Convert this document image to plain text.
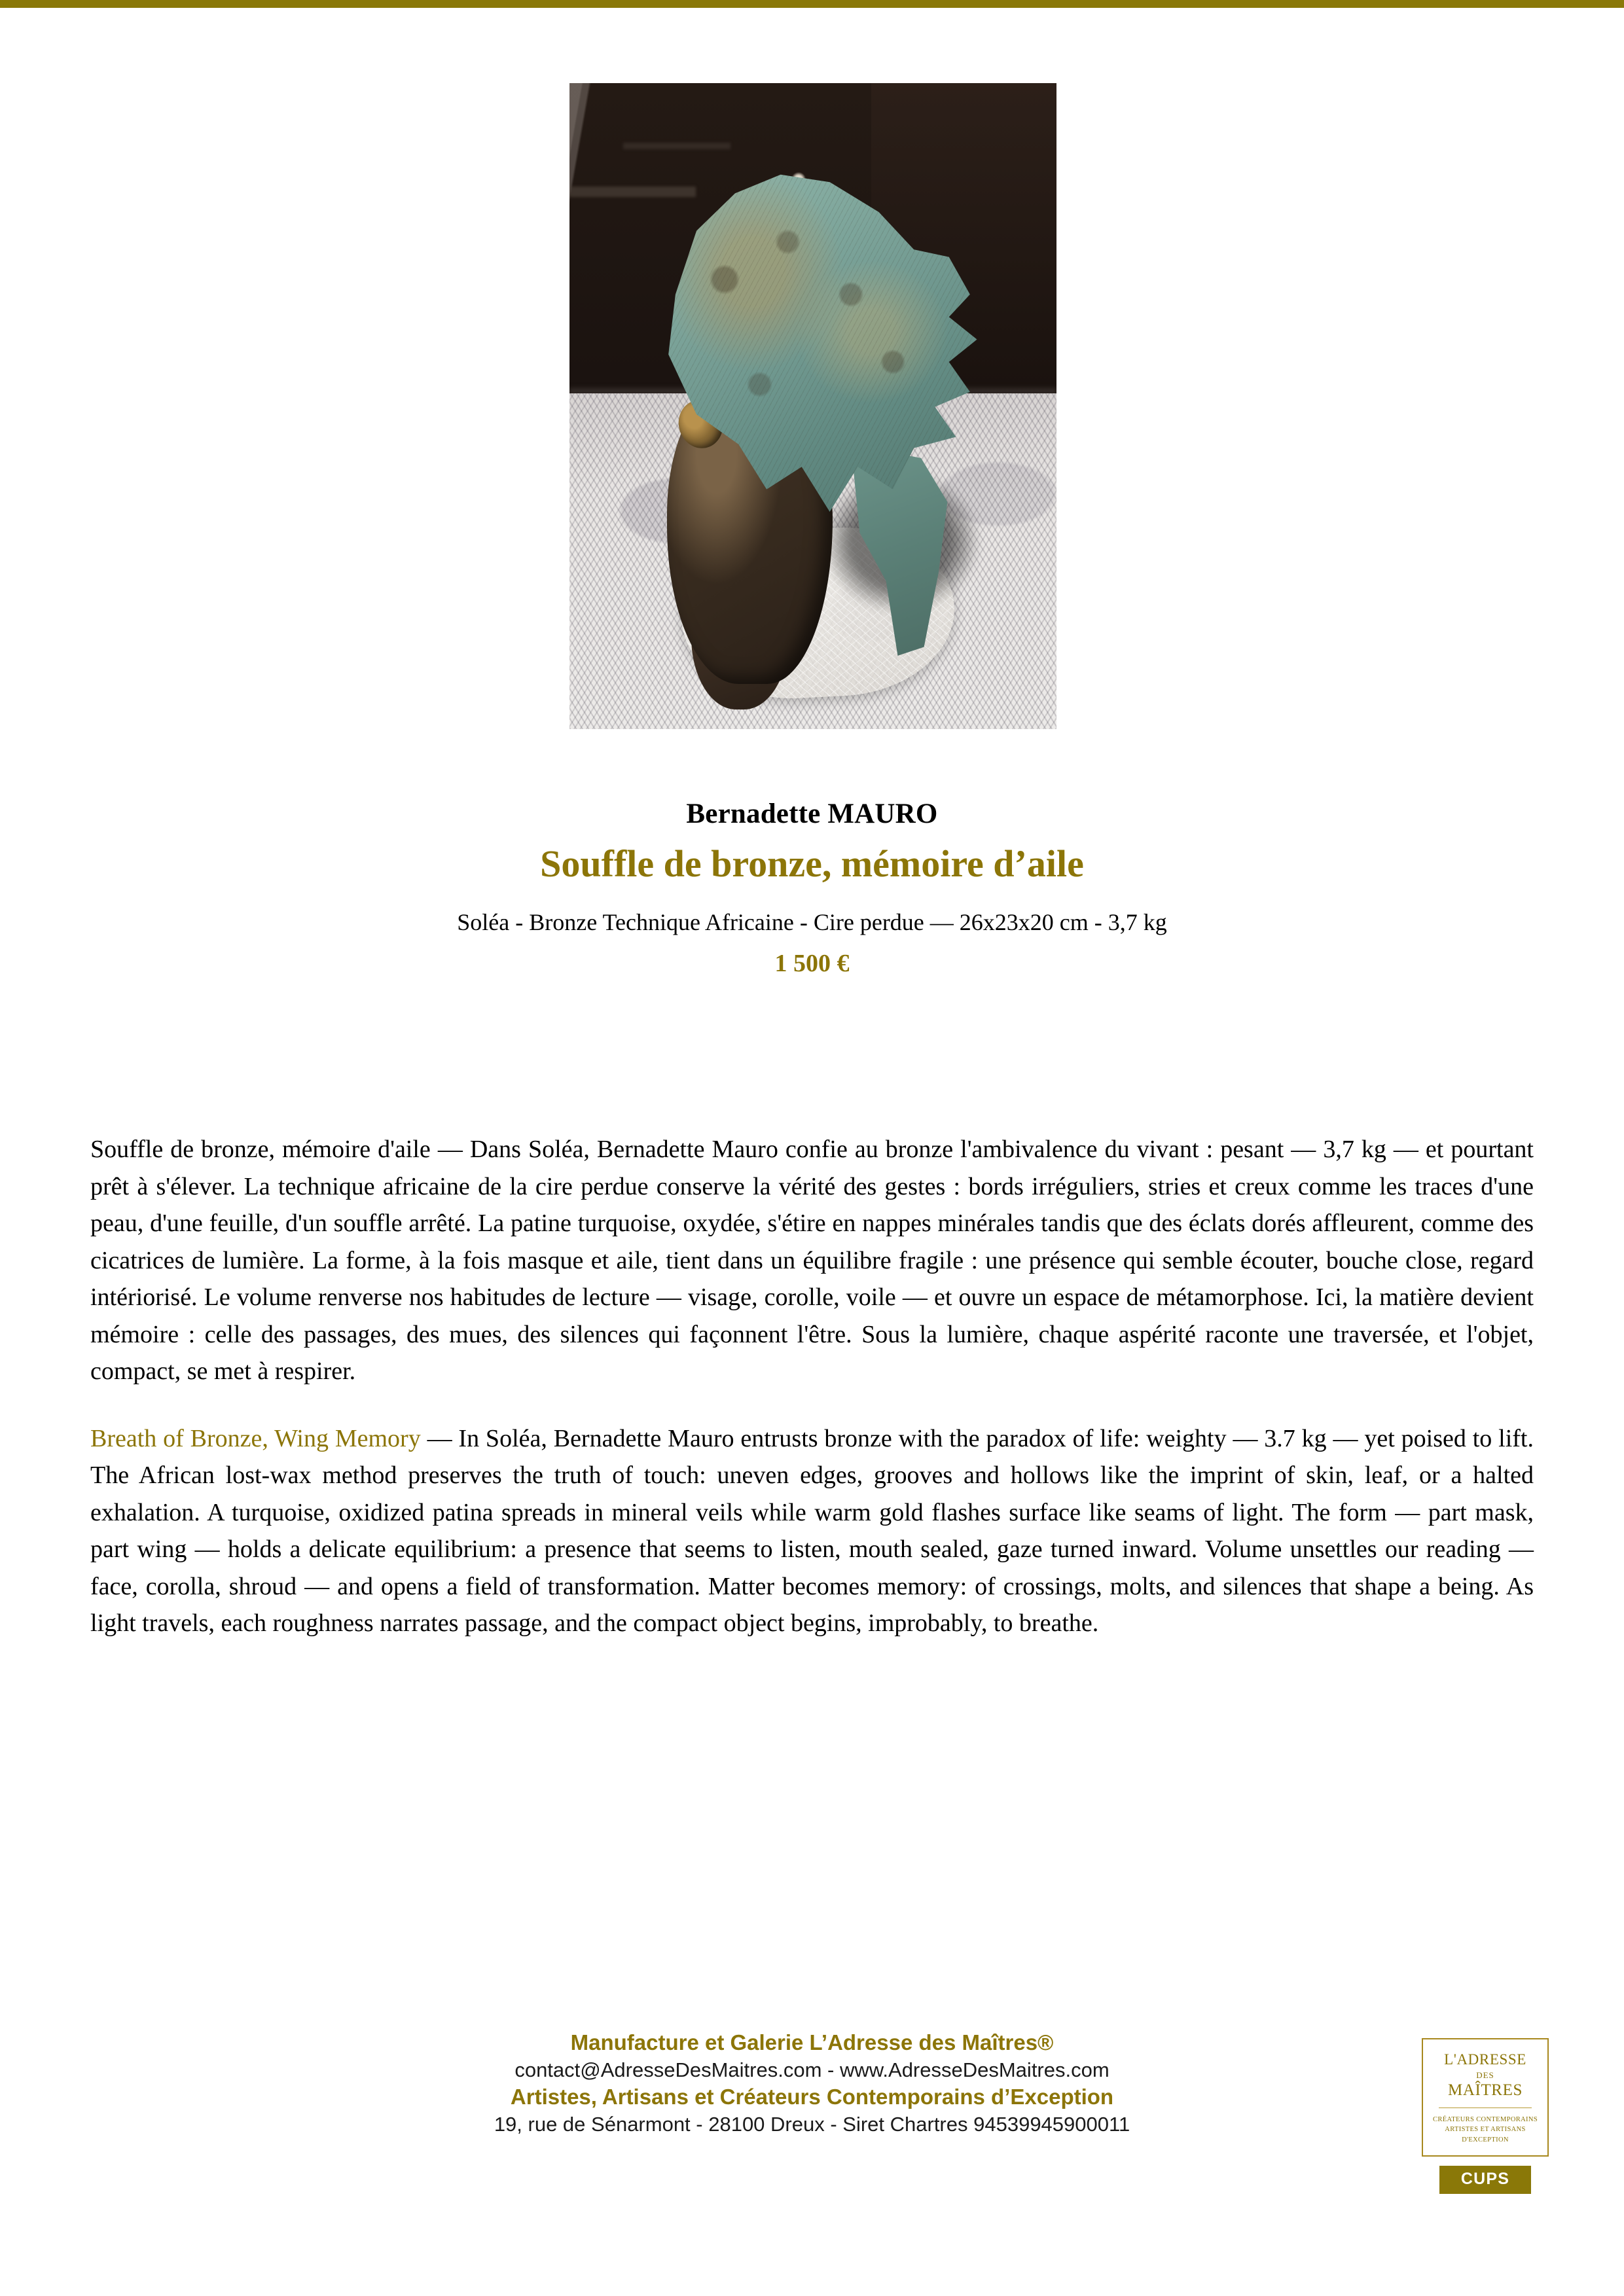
Bernadette MAURO
Souffle de bronze, mémoire d’aile
Soléa - Bronze Technique Africaine - Cire perdue — 26x23x20 cm - 3,7 kg
1 500 €

Souffle de bronze, mémoire d'aile — Dans Soléa, Bernadette Mauro confie au bronze l'ambivalence du vivant : pesant — 3,7 kg — et pourtant prêt à s'élever. La technique africaine de la cire perdue conserve la vérité des gestes : bords irréguliers, stries et creux comme les traces d'une peau, d'une feuille, d'un souffle arrêté. La patine turquoise, oxydée, s'étire en nappes minérales tandis que des éclats dorés affleurent, comme des cicatrices de lumière. La forme, à la fois masque et aile, tient dans un équilibre fragile : une présence qui semble écouter, bouche close, regard intériorisé. Le volume renverse nos habitudes de lecture — visage, corolle, voile — et ouvre un espace de métamorphose. Ici, la matière devient mémoire : celle des passages, des mues, des silences qui façonnent l'être. Sous la lumière, chaque aspérité raconte une traversée, et l'objet, compact, se met à respirer.

Breath of Bronze, Wing Memory — In Soléa, Bernadette Mauro entrusts bronze with the paradox of life: weighty — 3.7 kg — yet poised to lift. The African lost-wax method preserves the truth of touch: uneven edges, grooves and hollows like the imprint of skin, leaf, or a halted exhalation. A turquoise, oxidized patina spreads in mineral veils while warm gold flashes surface like seams of light. The form — part mask, part wing — holds a delicate equilibrium: a presence that seems to listen, mouth sealed, gaze turned inward. Volume unsettles our reading — face, corolla, shroud — and opens a field of transformation. Matter becomes memory: of crossings, molts, and silences that shape a being. As light travels, each roughness narrates passage, and the compact object begins, improbably, to breathe.

Manufacture et Galerie L’Adresse des Maîtres®
contact@AdresseDesMaitres.com - www.AdresseDesMaitres.com
Artistes, Artisans et Créateurs Contemporains d’Exception
19, rue de Sénarmont - 28100 Dreux - Siret Chartres 94539945900011
L'ADRESSE
DES
MAÎTRES
CRÉATEURS CONTEMPORAINS
ARTISTES ET ARTISANS
D'EXCEPTION
CUPS
